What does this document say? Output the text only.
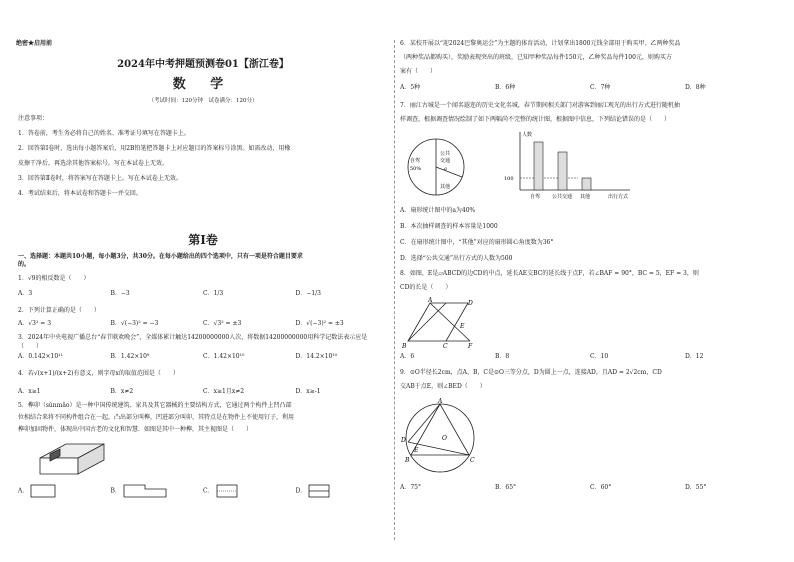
绝密★启用前
2024年中考押题预测卷01【浙江卷】
数 学
（考试时间：120分钟　试卷满分：120分）
注意事项：
1．答卷前，考生务必将自己的姓名、准考证号填写在答题卡上。
2．回答第Ⅰ卷时，选出每小题答案后，用2B铅笔把答题卡上对应题目的答案标号涂黑。如需改动，用橡
皮擦干净后，再选涂其他答案标号。写在本试卷上无效。
3．回答第Ⅱ卷时，将答案写在答题卡上。写在本试卷上无效。
4．考试结束后，将本试卷和答题卡一并交回。
第Ⅰ卷
一、选择题：本题共10小题，每小题3分，共30分。在每小题给出的四个选项中，只有一项是符合题目要求
的。
1．√9的相反数是（　　）
A．3	B．−3	C．1/3	D．−1/3
2．下列计算正确的是（　　）
A．√3² = 3	B．√(−3)² = −3	C．√3² = ±3	D．√(−3)² = ±3
3．2024年中央电视广播总台“春节联欢晚会”，全媒体累计触达14200000000人次，将数据14200000000用科学记数法表示应是（　　）
A．0.142×10¹¹	B．1.42×10⁹	C．1.42×10¹⁰	D．14.2×10¹⁰
4．若√(x+1)/(x+2)有意义，则字母x的取值范围是（　　）
A．x≥1	B．x≠2	C．x≥1且x≠2	D．x≥-1
5．榫卯（sǔnmǎo）是一种中国传统建筑、家具及其它器械的主要结构方式，它通过两个构件上凹凸部
位相结合来将不同构件组合在一起，凸出部分叫榫，凹进部分叫卯，其特点是在物件上不使用钉子，利用
榫卯加固物件，体现出中国古老的文化和智慧．如图是其中一种榫，其主视图是（　　）
A．	B．	C．	D．
6．某校开展以“迎2024巴黎奥运会”为主题的体育活动，计划拿出1800元钱全部用于购买甲、乙两种奖品
（两种奖品都购买），奖励表现突出的班级，已知甲种奖品每件150元，乙种奖品每件100元，则购买方
案有（　　）
A．5种	B．6种	C．7种	D．8种
7．丽江古城是一个闻名遐迩的历史文化名城，春节期间相关部门对游客到丽江观光的出行方式进行随机抽
样调查，根据调查情况绘制了如下两幅尚不完整的统计图，根据图中信息，下列结论错误的是（　　）
自驾
50%
公共
交通
a
其他
人数
100
自驾 公共交通 其他	出行方式
A．扇形统计图中的a为40%
B．本次抽样调查的样本容量是1000
C．在扇形统计图中，“其他”对应的扇形圆心角度数为36°
D．选择“公共交通”出行方式的人数为500
8．如图，E是▱ABCD的边CD的中点，延长AE交BC的延长线于点F，若∠BAF = 90°，BC = 5，EF = 3，则
CD的长是（　　）
A	D
E
B	C	F
A．6	B．8	C．10	D．12
9．⊙O半径长2cm，点A、B、C是⊙O三等分点，D为圆上一点，连接AD，且AD = 2√2cm，CD
交AB于点E，则∠BED（　　）
A
B	C
D
E
O
A．75°	B．65°	C．60°	D．55°
